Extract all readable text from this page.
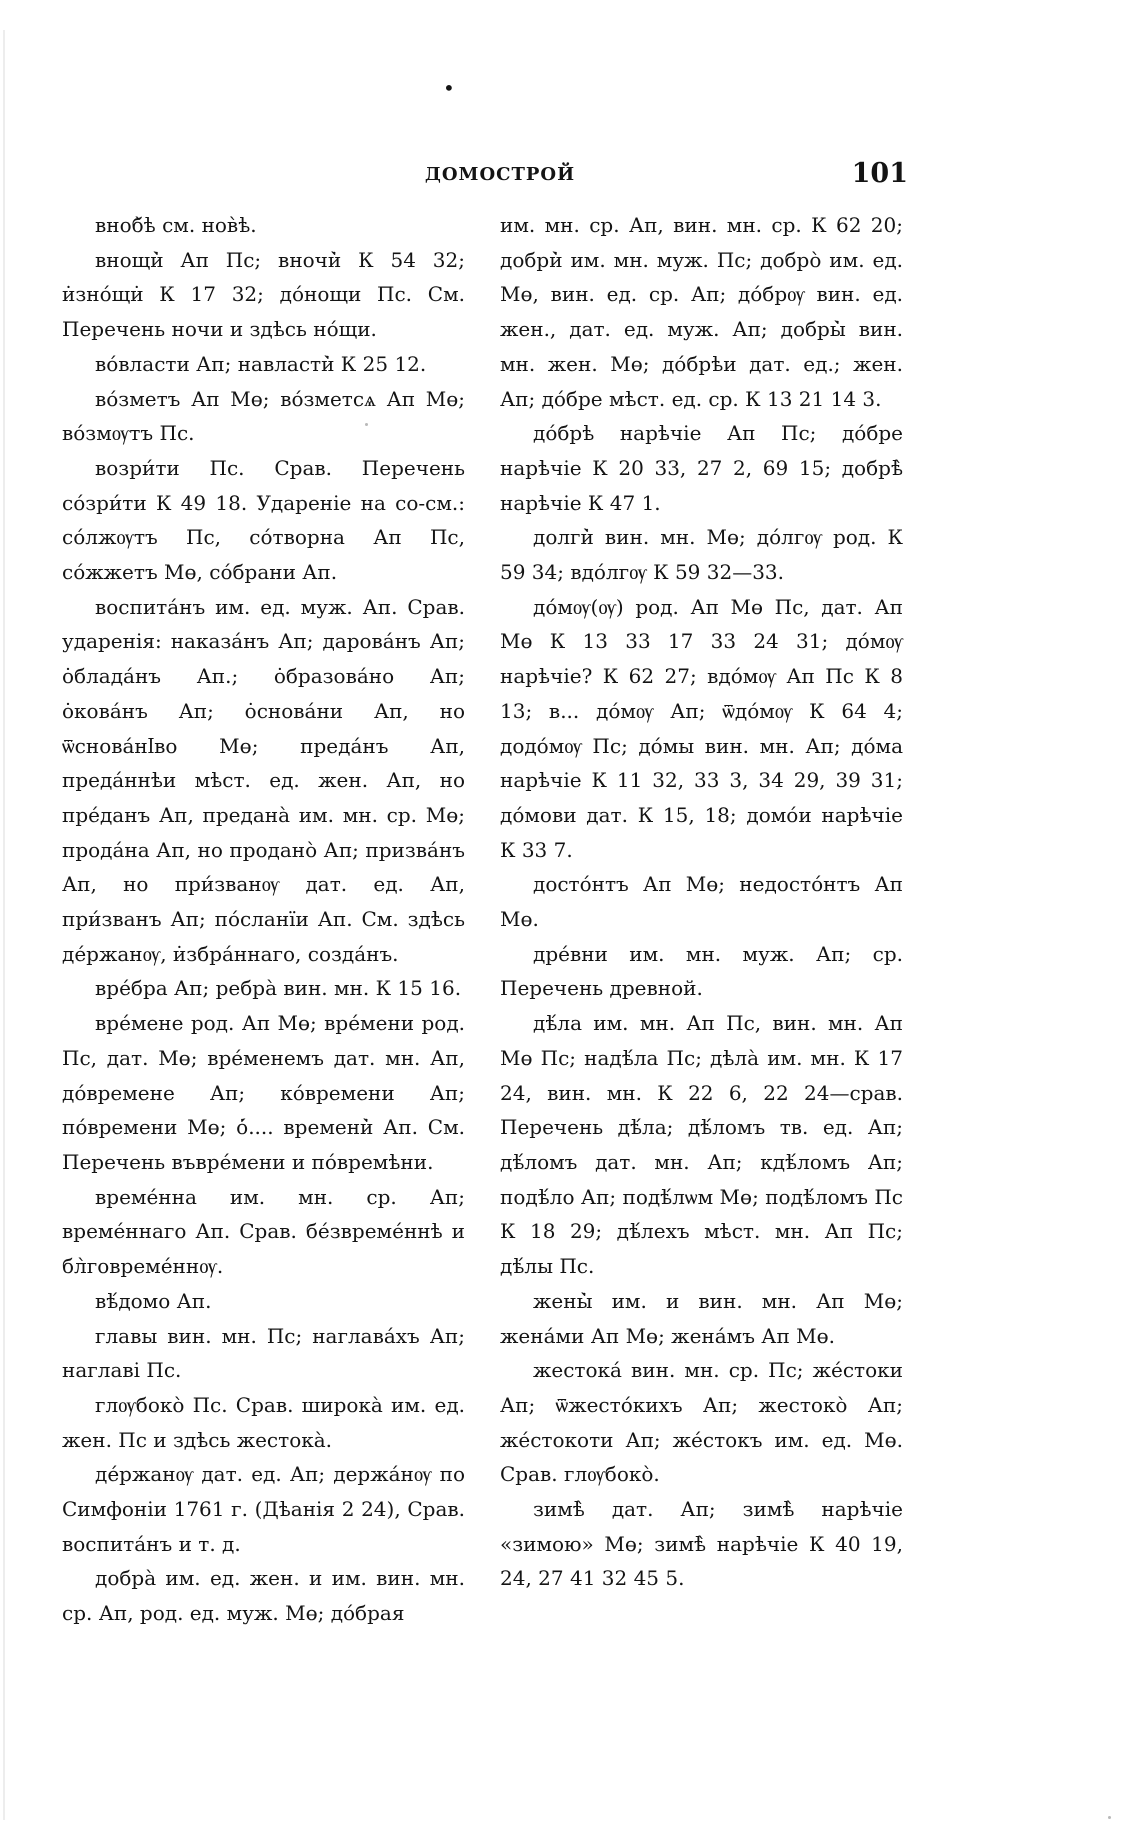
•
ДОМОСТРОЙ	101

вноб̀ѣ см. нов̀ѣ.

внощи̇̀ Ап Пс; вночи̇̀ К 54 32; и̇зно́щи̇ К 17 32; до́нощи Пс. См. Перечень ночи и здѣсь но́щи.

во́власти Ап; навласти̇̀ К 25 12.

во́зметъ Ап Мө; во́зметсѧ Ап Мө; во́змѹтъ Пс.

возри́ти Пс. Срав. Перечень со́зри́ти К 49 18. Удареніе на со-см.: со́лжѹтъ Пс, со́творна Ап Пс, со́жжетъ Мө, со́брани Ап.

воспита́нъ им. ед. муж. Ап. Срав. ударенія: наказа́нъ Ап; дарова́нъ Ап; о̇блада́нъ Ап.; о̇бразова́но Ап; о̇кова́нъ Ап; о̇снова́ни Ап, но ѿснова́нӏво Мө; преда́нъ Ап, преда́ннѣи мѣст. ед. жен. Ап, но пре́данъ Ап, предана̀ им. мн. ср. Мө; прода́на Ап, но продано̀ Ап; призва́нъ Ап, но при́званѹ дат. ед. Ап, при́званъ Ап; по́сланїи Ап. См. здѣсь де́ржанѹ, и̇збра́ннаго, созда́нъ.

вре́бра Ап; ребра̀ вин. мн. К 15 16.

вре́мене род. Ап Мө; вре́мени род. Пс, дат. Мө; вре́менемъ дат. мн. Ап, до́времене Ап; ко́времени Ап; по́времени Мө; о̇́.... времени̇̀ Ап. См. Перечень въвре́мени и по́времѣни.

време́нна им. мн. ср. Ап; време́ннаго Ап. Срав. бе́звреме́ннѣ и бл̀говреме́ннѹ.

вѣ́домо Ап.

главы вин. мн. Пс; наглава́хъ Ап; наглаві Пс.

глѹбоко̀ Пс. Срав. широка̀ им. ед. жен. Пс и здѣсь жестока̀.

де́ржанѹ дат. ед. Ап; держа́нѹ по Симфоніи 1761 г. (Дѣанія 2 24), Срав. воспита́нъ и т. д.

добра̀ им. ед. жен. и им. вин. мн. ср. Ап, род. ед. муж. Мө; до́брая

им. мн. ср. Ап, вин. мн. ср. К 62 20; добри̇̀ им. мн. муж. Пс; добро̀ им. ед. Мө, вин. ед. ср. Ап; до́брѹ вин. ед. жен., дат. ед. муж. Ап; добры̇̀ вин. мн. жен. Мө; до́брѣи дат. ед.; жен. Ап; до́бре мѣст. ед. ср. К 13 21 14 3.

до́брѣ нарѣчіе Ап Пс; до́бре нарѣчіе К 20 33, 27 2, 69 15; добрѣ̀ нарѣчіе К 47 1.

долги̇̀ вин. мн. Мө; до́лгѹ род. К 59 34; вдо́лгѹ К 59 32—33.

до́мѹ(ѹ) род. Ап Мө Пс, дат. Ап Мө К 13 33 17 33 24 31; до́мѹ нарѣчіе? К 62 27; вдо́мѹ Ап Пс К 8 13; в... до́мѹ Ап; ѿдо́мѹ К 64 4; додо́мѹ Пс; до́мы вин. мн. Ап; до́ма нарѣчіе К 11 32, 33 3, 34 29, 39 31; до́мови дат. К 15, 18; домо́и нарѣчіе К 33 7.

досто́нтъ Ап Мө; недосто́нтъ Ап Мө.

дре́вни им. мн. муж. Ап; ср. Перечень древной.

дѣ́ла им. мн. Ап Пс, вин. мн. Ап Мө Пс; надѣ́ла Пс; дѣла̀ им. мн. К 17 24, вин. мн. К 22 6, 22 24—срав. Перечень дѣ́ла; дѣ́ломъ тв. ед. Ап; дѣ́ломъ дат. мн. Ап; кдѣ́ломъ Ап; подѣ́ло Ап; подѣ́лѡм Мө; подѣ́ломъ Пс К 18 29; дѣ́лехъ мѣст. мн. Ап Пс; дѣ́лы Пс.

жены̇̀ им. и вин. мн. Ап Мө; жена́ми Ап Мө; жена́мъ Ап Мө.

жестока́ вин. мн. ср. Пс; же́стоки Ап; ѿжесто́кихъ Ап; жестоко̀ Ап; же́стокоти Ап; же́стокъ им. ед. Мө. Срав. глѹбоко̀.

зимѣ̀ дат. Ап; зимѣ̀ нарѣчіе «зимою» Мө; зимѣ̀ нарѣчіе К 40 19, 24, 27 41 32 45 5.
